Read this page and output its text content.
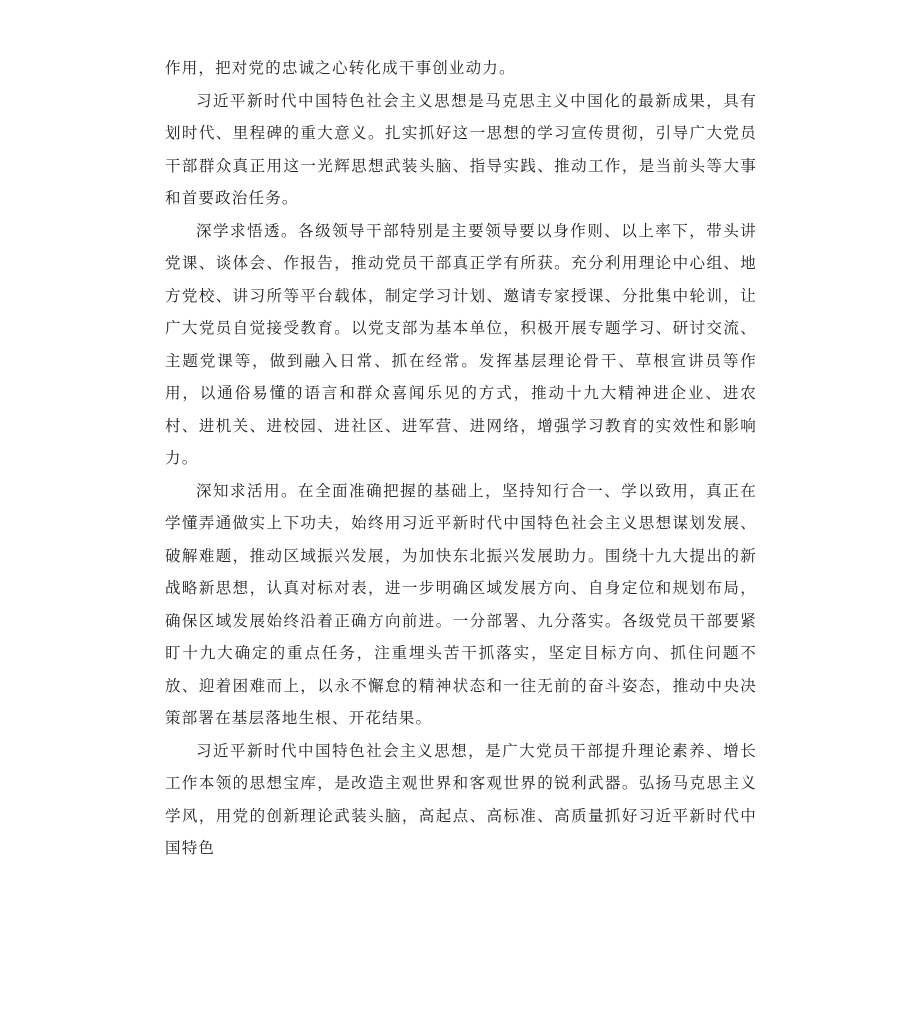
作用，把对党的忠诚之心转化成干事创业动力。

习近平新时代中国特色社会主义思想是马克思主义中国化的最新成果，具有划时代、里程碑的重大意义。扎实抓好这一思想的学习宣传贯彻，引导广大党员干部群众真正用这一光辉思想武装头脑、指导实践、推动工作，是当前头等大事和首要政治任务。

深学求悟透。各级领导干部特别是主要领导要以身作则、以上率下，带头讲党课、谈体会、作报告，推动党员干部真正学有所获。充分利用理论中心组、地方党校、讲习所等平台载体，制定学习计划、邀请专家授课、分批集中轮训，让广大党员自觉接受教育。以党支部为基本单位，积极开展专题学习、研讨交流、主题党课等，做到融入日常、抓在经常。发挥基层理论骨干、草根宣讲员等作用，以通俗易懂的语言和群众喜闻乐见的方式，推动十九大精神进企业、进农村、进机关、进校园、进社区、进军营、进网络，增强学习教育的实效性和影响力。

深知求活用。在全面准确把握的基础上，坚持知行合一、学以致用，真正在学懂弄通做实上下功夫，始终用习近平新时代中国特色社会主义思想谋划发展、破解难题，推动区域振兴发展，为加快东北振兴发展助力。围绕十九大提出的新战略新思想，认真对标对表，进一步明确区域发展方向、自身定位和规划布局，确保区域发展始终沿着正确方向前进。一分部署、九分落实。各级党员干部要紧盯十九大确定的重点任务，注重埋头苦干抓落实，坚定目标方向、抓住问题不放、迎着困难而上，以永不懈怠的精神状态和一往无前的奋斗姿态，推动中央决策部署在基层落地生根、开花结果。

习近平新时代中国特色社会主义思想，是广大党员干部提升理论素养、增长工作本领的思想宝库，是改造主观世界和客观世界的锐利武器。弘扬马克思主义学风，用党的创新理论武装头脑，高起点、高标准、高质量抓好习近平新时代中国特色
